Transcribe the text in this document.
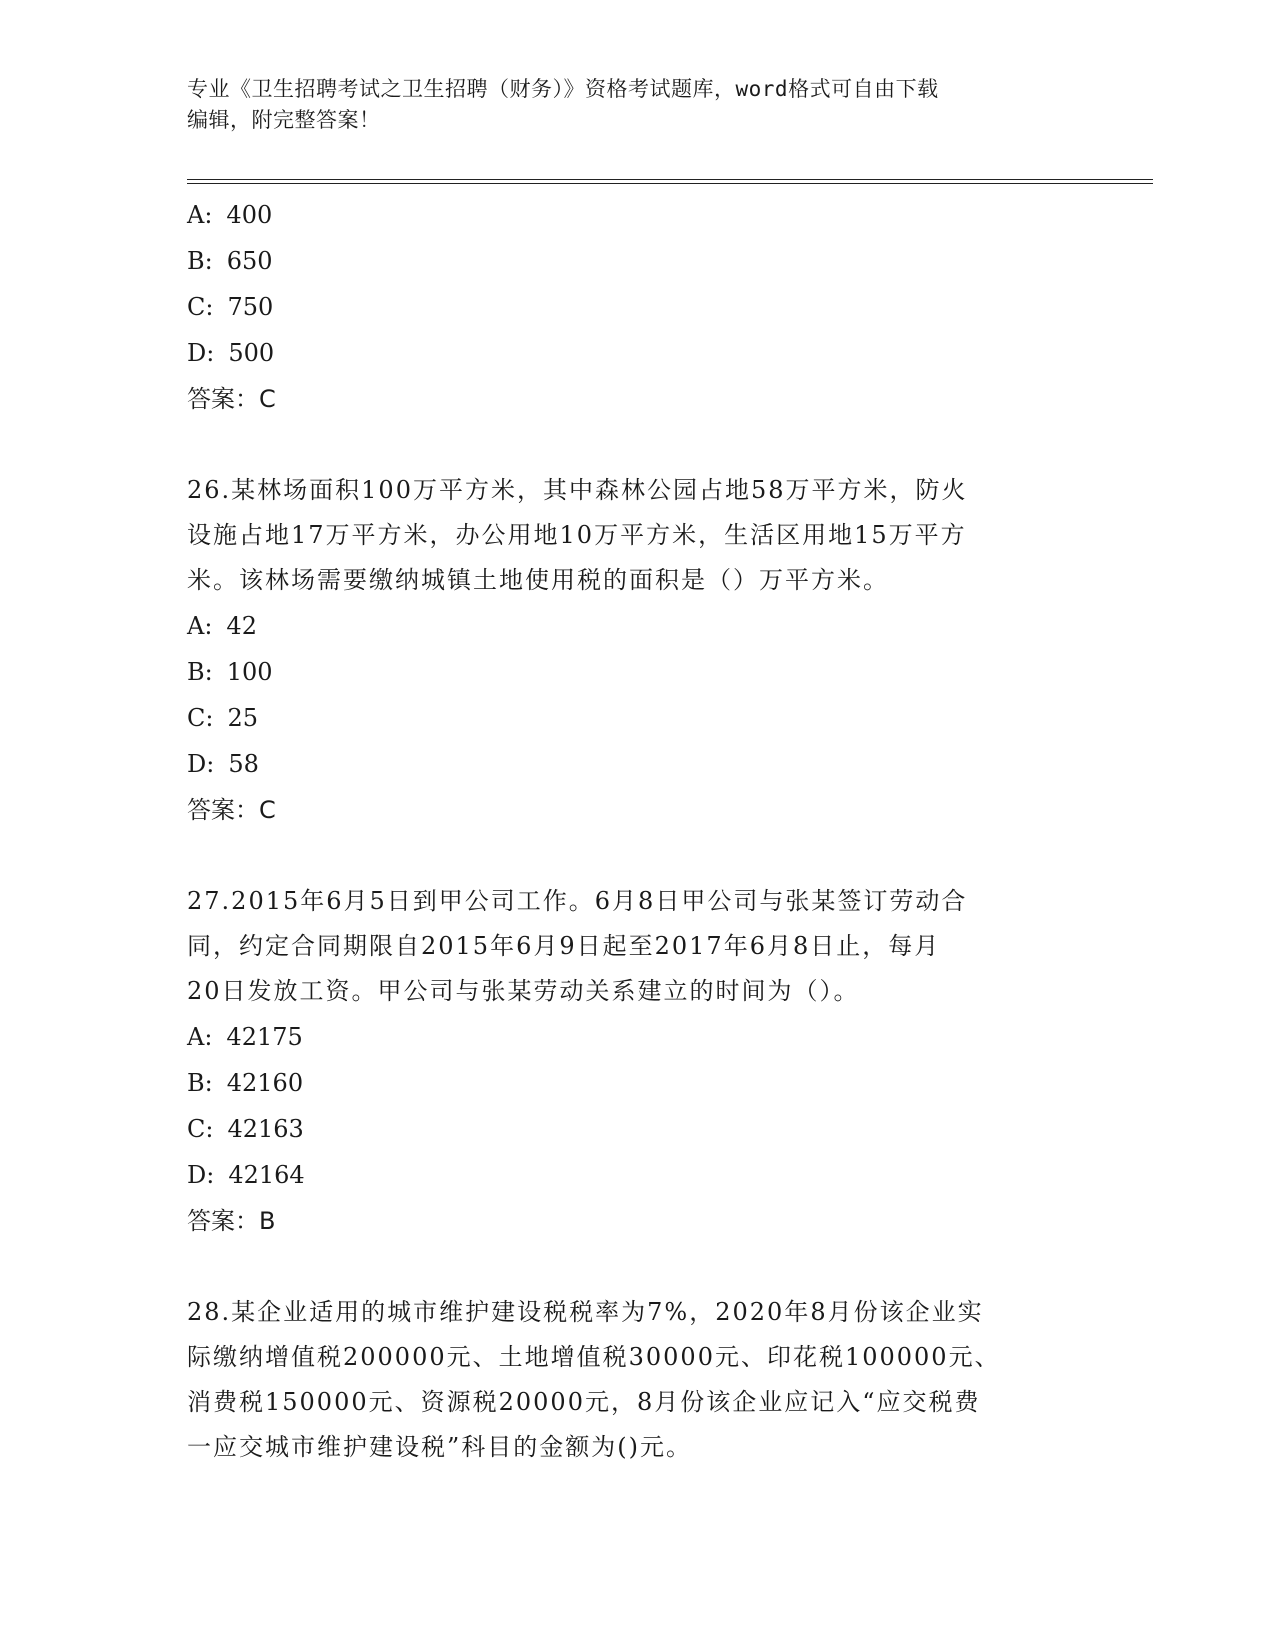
专业《卫生招聘考试之卫生招聘（财务）》资格考试题库，word格式可自由下载
编辑，附完整答案！
A: 400
B: 650
C: 750
D: 500
答案：C
26.某林场面积100万平方米，其中森林公园占地58万平方米，防火
设施占地17万平方米，办公用地10万平方米，生活区用地15万平方
米。该林场需要缴纳城镇土地使用税的面积是（）万平方米。
A: 42
B: 100
C: 25
D: 58
答案：C
27.2015年6月5日到甲公司工作。6月8日甲公司与张某签订劳动合
同，约定合同期限自2015年6月9日起至2017年6月8日止，每月
20日发放工资。甲公司与张某劳动关系建立的时间为（）。
A: 42175
B: 42160
C: 42163
D: 42164
答案：B
28.某企业适用的城市维护建设税税率为7%，2020年8月份该企业实
际缴纳增值税200000元、土地增值税30000元、印花税100000元、
消费税150000元、资源税20000元，8月份该企业应记入“应交税费
一应交城市维护建设税”科目的金额为()元。
